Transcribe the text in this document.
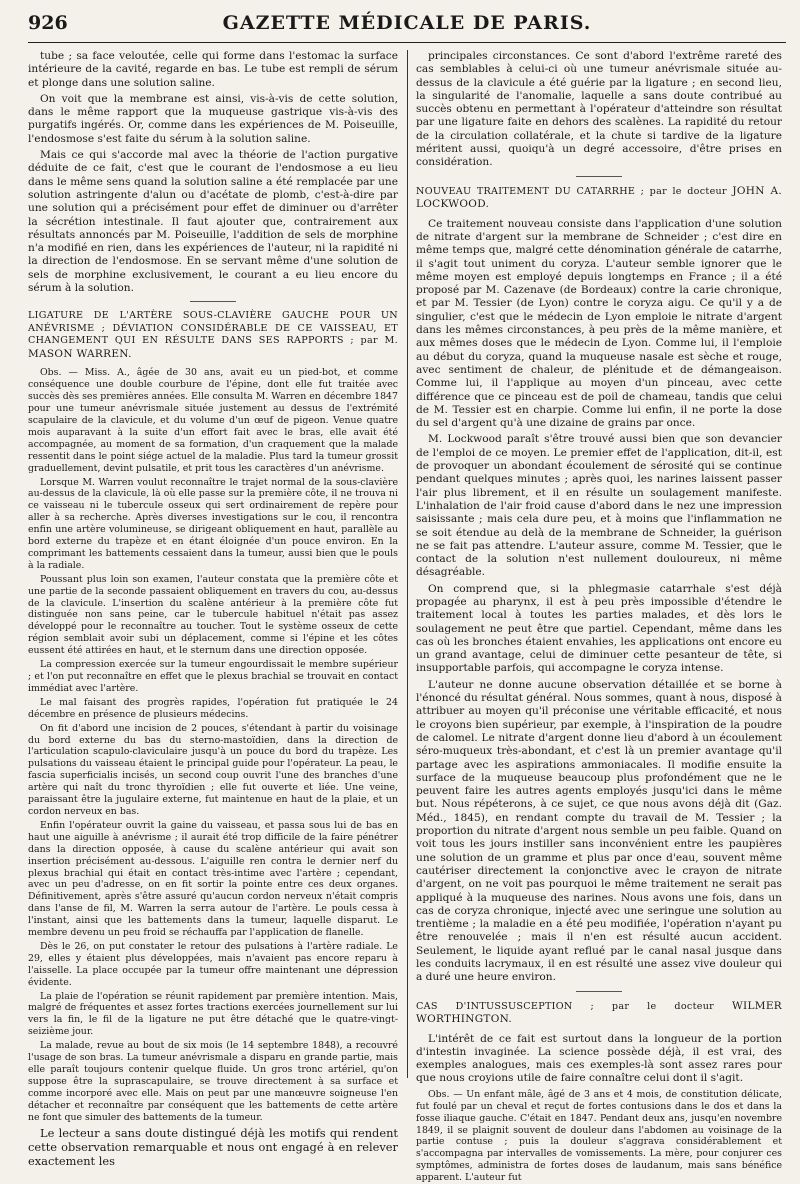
926	GAZETTE MÉDICALE DE PARIS.

tube ; sa face veloutée, celle qui forme dans l'estomac la surface intérieure de la cavité, regarde en bas. Le tube est rempli de sérum et plonge dans une solution saline.

On voit que la membrane est ainsi, vis-à-vis de cette solution, dans le même rapport que la muqueuse gastrique vis-à-vis des purgatifs ingérés. Or, comme dans les expériences de M. Poiseuille, l'endosmose s'est faite du sérum à la solution saline.

Mais ce qui s'accorde mal avec la théorie de l'action purgative déduite de ce fait, c'est que le courant de l'endosmose a eu lieu dans le même sens quand la solution saline a été remplacée par une solution astringente d'alun ou d'acétate de plomb, c'est-à-dire par une solution qui a précisément pour effet de diminuer ou d'arrêter la sécrétion intestinale. Il faut ajouter que, contrairement aux résultats annoncés par M. Poiseuille, l'addition de sels de morphine n'a modifié en rien, dans les expériences de l'auteur, ni la rapidité ni la direction de l'endosmose. En se servant même d'une solution de sels de morphine exclusivement, le courant a eu lieu encore du sérum à la solution.

LIGATURE DE L'ARTÈRE SOUS-CLAVIÈRE GAUCHE POUR UN ANÉVRISME ; DÉVIATION CONSIDÉRABLE DE CE VAISSEAU, ET CHANGEMENT QUI EN RÉSULTE DANS SES RAPPORTS ; par M. MASON WARREN.

Obs. — Miss. A., âgée de 30 ans, avait eu un pied-bot, et comme conséquence une double courbure de l'épine, dont elle fut traitée avec succès dès ses premières années. Elle consulta M. Warren en décembre 1847 pour une tumeur anévrismale située justement au dessus de l'extrémité scapulaire de la clavicule, et du volume d'un œuf de pigeon. Venue quatre mois auparavant à la suite d'un effort fait avec le bras, elle avait été accompagnée, au moment de sa formation, d'un craquement que la malade ressentit dans le point siége actuel de la maladie. Plus tard la tumeur grossit graduellement, devint pulsatile, et prit tous les caractères d'un anévrisme.

Lorsque M. Warren voulut reconnaître le trajet normal de la sous-clavière au-dessus de la clavicule, là où elle passe sur la première côte, il ne trouva ni ce vaisseau ni le tubercule osseux qui sert ordinairement de repère pour aller à sa recherche. Après diverses investigations sur le cou, il rencontra enfin une artère volumineuse, se dirigeant obliquement en haut, parallèle au bord externe du trapèze et en étant éloignée d'un pouce environ. En la comprimant les battements cessaient dans la tumeur, aussi bien que le pouls à la radiale.

Poussant plus loin son examen, l'auteur constata que la première côte et une partie de la seconde passaient obliquement en travers du cou, au-dessus de la clavicule. L'insertion du scalène antérieur à la première côte fut distinguée non sans peine, car le tubercule habituel n'était pas assez développé pour le reconnaître au toucher. Tout le système osseux de cette région semblait avoir subi un déplacement, comme si l'épine et les côtes eussent été attirées en haut, et le sternum dans une direction opposée.

La compression exercée sur la tumeur engourdissait le membre supérieur ; et l'on put reconnaître en effet que le plexus brachial se trouvait en contact immédiat avec l'artère.

Le mal faisant des progrès rapides, l'opération fut pratiquée le 24 décembre en présence de plusieurs médecins.

On fit d'abord une incision de 2 pouces, s'étendant à partir du voisinage du bord externe du bas du sterno-mastoïdien, dans la direction de l'articulation scapulo-claviculaire jusqu'à un pouce du bord du trapèze. Les pulsations du vaisseau étaient le principal guide pour l'opérateur. La peau, le fascia superficialis incisés, un second coup ouvrit l'une des branches d'une artère qui naît du tronc thyroïdien ; elle fut ouverte et liée. Une veine, paraissant être la jugulaire externe, fut maintenue en haut de la plaie, et un cordon nerveux en bas.

Enfin l'opérateur ouvrit la gaine du vaisseau, et passa sous lui de bas en haut une aiguille à anévrisme ; il aurait été trop difficile de la faire pénétrer dans la direction opposée, à cause du scalène antérieur qui avait son insertion précisément au-dessous. L'aiguille ren contra le dernier nerf du plexus brachial qui était en contact très-intime avec l'artère ; cependant, avec un peu d'adresse, on en fit sortir la pointe entre ces deux organes. Définitivement, après s'être assuré qu'aucun cordon nerveux n'était compris dans l'anse de fil, M. Warren la serra autour de l'artère. Le pouls cessa à l'instant, ainsi que les battements dans la tumeur, laquelle disparut. Le membre devenu un peu froid se réchauffa par l'application de flanelle.

Dès le 26, on put constater le retour des pulsations à l'artère radiale. Le 29, elles y étaient plus développées, mais n'avaient pas encore reparu à l'aisselle. La place occupée par la tumeur offre maintenant une dépression évidente.

La plaie de l'opération se réunit rapidement par première intention. Mais, malgré de fréquentes et assez fortes tractions exercées journellement sur lui vers la fin, le fil de la ligature ne put être détaché que le quatre-vingt-seizième jour.

La malade, revue au bout de six mois (le 14 septembre 1848), a recouvré l'usage de son bras. La tumeur anévrismale a disparu en grande partie, mais elle paraît toujours contenir quelque fluide. Un gros tronc artériel, qu'on suppose être la suprascapulaire, se trouve directement à sa surface et comme incorporé avec elle. Mais on peut par une manœuvre soigneuse l'en détacher et reconnaître par conséquent que les battements de cette artère ne font que simuler des battements de la tumeur.

Le lecteur a sans doute distingué déjà les motifs qui rendent cette observation remarquable et nous ont engagé à en relever exactement les

principales circonstances. Ce sont d'abord l'extrême rareté des cas semblables à celui-ci où une tumeur anévrismale située au-dessus de la clavicule a été guérie par la ligature ; en second lieu, la singularité de l'anomalie, laquelle a sans doute contribué au succès obtenu en permettant à l'opérateur d'atteindre son résultat par une ligature faite en dehors des scalènes. La rapidité du retour de la circulation collatérale, et la chute si tardive de la ligature méritent aussi, quoiqu'à un degré accessoire, d'être prises en considération.

NOUVEAU TRAITEMENT DU CATARRHE ; par le docteur JOHN A. LOCKWOOD.

Ce traitement nouveau consiste dans l'application d'une solution de nitrate d'argent sur la membrane de Schneider ; c'est dire en même temps que, malgré cette dénomination générale de catarrhe, il s'agit tout uniment du coryza. L'auteur semble ignorer que le même moyen est employé depuis longtemps en France ; il a été proposé par M. Cazenave (de Bordeaux) contre la carie chronique, et par M. Tessier (de Lyon) contre le coryza aigu. Ce qu'il y a de singulier, c'est que le médecin de Lyon emploie le nitrate d'argent dans les mêmes circonstances, à peu près de la même manière, et aux mêmes doses que le médecin de Lyon. Comme lui, il l'emploie au début du coryza, quand la muqueuse nasale est sèche et rouge, avec sentiment de chaleur, de plénitude et de démangeaison. Comme lui, il l'applique au moyen d'un pinceau, avec cette différence que ce pinceau est de poil de chameau, tandis que celui de M. Tessier est en charpie. Comme lui enfin, il ne porte la dose du sel d'argent qu'à une dizaine de grains par once.

M. Lockwood paraît s'être trouvé aussi bien que son devancier de l'emploi de ce moyen. Le premier effet de l'application, dit-il, est de provoquer un abondant écoulement de sérosité qui se continue pendant quelques minutes ; après quoi, les narines laissent passer l'air plus librement, et il en résulte un soulagement manifeste. L'inhalation de l'air froid cause d'abord dans le nez une impression saisissante ; mais cela dure peu, et à moins que l'inflammation ne se soit étendue au delà de la membrane de Schneider, la guérison ne se fait pas attendre. L'auteur assure, comme M. Tessier, que le contact de la solution n'est nullement douloureux, ni même désagréable.

On comprend que, si la phlegmasie catarrhale s'est déjà propagée au pharynx, il est à peu près impossible d'étendre le traitement local à toutes les parties malades, et dès lors le soulagement ne peut être que partiel. Cependant, même dans les cas où les bronches étaient envahies, les applications ont encore eu un grand avantage, celui de diminuer cette pesanteur de tête, si insupportable parfois, qui accompagne le coryza intense.

L'auteur ne donne aucune observation détaillée et se borne à l'énoncé du résultat général. Nous sommes, quant à nous, disposé à attribuer au moyen qu'il préconise une véritable efficacité, et nous le croyons bien supérieur, par exemple, à l'inspiration de la poudre de calomel. Le nitrate d'argent donne lieu d'abord à un écoulement séro-muqueux très-abondant, et c'est là un premier avantage qu'il partage avec les aspirations ammoniacales. Il modifie ensuite la surface de la muqueuse beaucoup plus profondément que ne le peuvent faire les autres agents employés jusqu'ici dans le même but. Nous répéterons, à ce sujet, ce que nous avons déjà dit (Gaz. Méd., 1845), en rendant compte du travail de M. Tessier ; la proportion du nitrate d'argent nous semble un peu faible. Quand on voit tous les jours instiller sans inconvénient entre les paupières une solution de un gramme et plus par once d'eau, souvent même cautériser directement la conjonctive avec le crayon de nitrate d'argent, on ne voit pas pourquoi le même traitement ne serait pas appliqué à la muqueuse des narines. Nous avons une fois, dans un cas de coryza chronique, injecté avec une seringue une solution au trentième ; la maladie en a été peu modifiée, l'opération n'ayant pu être renouvelée ; mais il n'en est résulté aucun accident. Seulement, le liquide ayant reflué par le canal nasal jusque dans les conduits lacrymaux, il en est résulté une assez vive douleur qui a duré une heure environ.

CAS D'INTUSSUSCEPTION ; par le docteur WILMER WORTHINGTON.

L'intérêt de ce fait est surtout dans la longueur de la portion d'intestin invaginée. La science possède déjà, il est vrai, des exemples analogues, mais ces exemples-là sont assez rares pour que nous croyions utile de faire connaître celui dont il s'agit.

Obs. — Un enfant mâle, âgé de 3 ans et 4 mois, de constitution délicate, fut foulé par un cheval et reçut de fortes contusions dans le dos et dans la fosse iliaque gauche. C'était en 1847. Pendant deux ans, jusqu'en novembre 1849, il se plaignit souvent de douleur dans l'abdomen au voisinage de la partie contuse ; puis la douleur s'aggrava considérablement et s'accompagna par intervalles de vomissements. La mère, pour conjurer ces symptômes, administra de fortes doses de laudanum, mais sans bénéfice apparent. L'auteur fut
